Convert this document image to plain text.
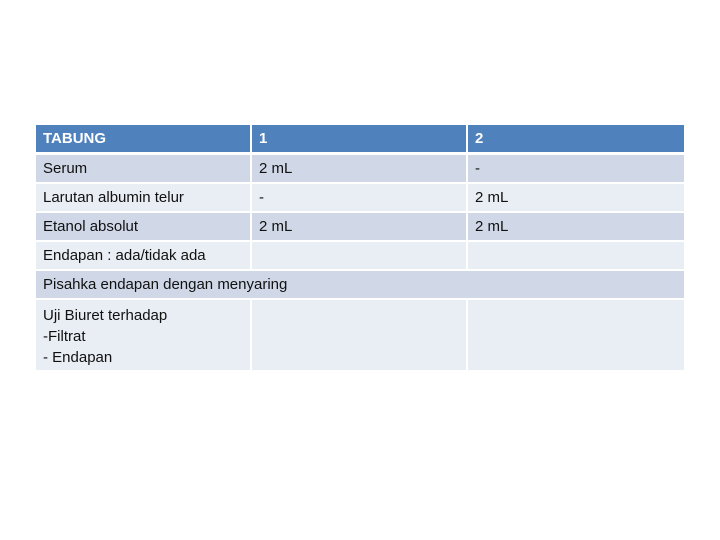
TABUNG	1	2
Serum	2 mL	-
Larutan albumin telur	-	2 mL
Etanol absolut	2 mL	2 mL
Endapan : ada/tidak ada		
Pisahka endapan dengan menyaring		

Uji Biuret terhadap
-Filtrat
- Endapan		
